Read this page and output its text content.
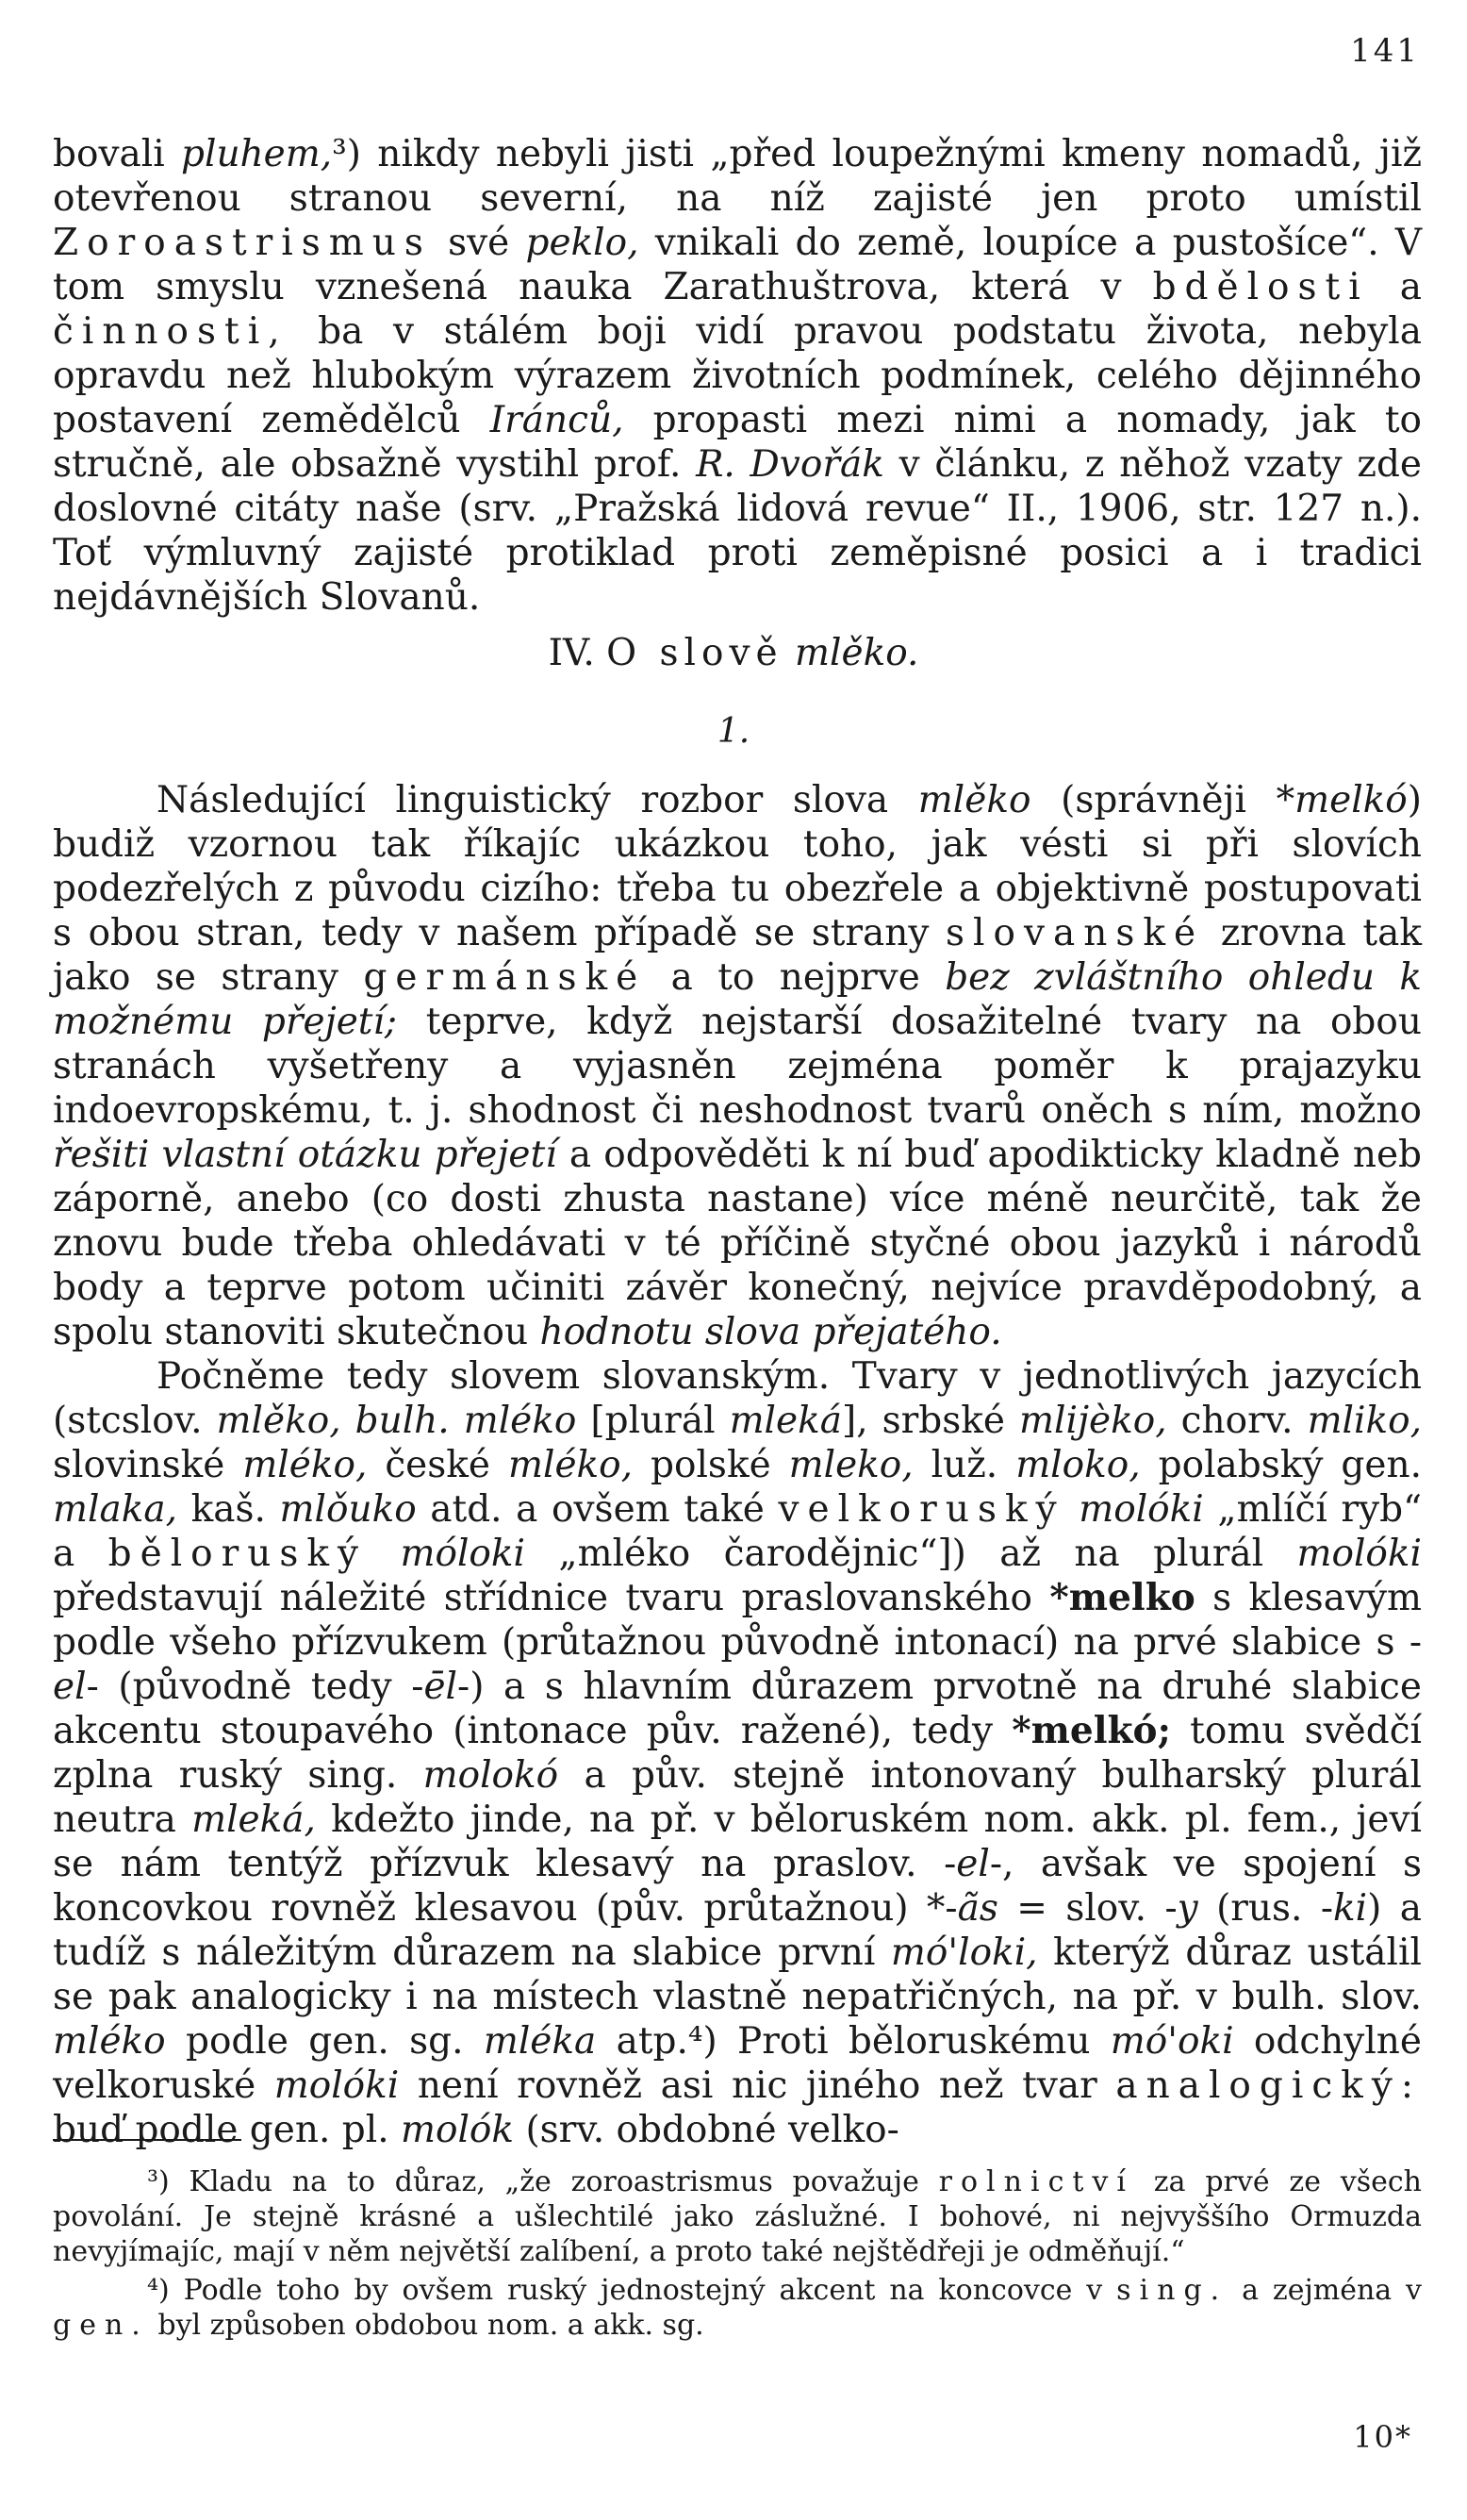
141

bovali pluhem,³) nikdy nebyli jisti „před loupežnými kmeny nomadů, již otevřenou stranou severní, na níž zajisté jen proto umístil Zoroastrismus své peklo, vnikali do země, loupíce a pustošíce“. V tom smyslu vznešená nauka Zarathuštrova, která v bdělosti a činnosti, ba v stálém boji vidí pravou podstatu života, nebyla opravdu než hlubokým výrazem životních podmínek, celého dějinného postavení zemědělců Iránců, propasti mezi nimi a nomady, jak to stručně, ale obsažně vystihl prof. R. Dvořák v článku, z něhož vzaty zde doslovné citáty naše (srv. „Pražská lidová revue“ II., 1906, str. 127 n.). Toť výmluvný zajisté protiklad proti zeměpisné posici a i tradici nejdávnějších Slovanů.

IV. O slově mlěko.
1.

Následující linguistický rozbor slova mlěko (správněji *melkó) budiž vzornou tak říkajíc ukázkou toho, jak vésti si při slovích podezřelých z původu cizího: třeba tu obezřele a objektivně postupovati s obou stran, tedy v našem případě se strany slovanské zrovna tak jako se strany germánské a to nejprve bez zvláštního ohledu k možnému přejetí; teprve, když nejstarší dosažitelné tvary na obou stranách vyšetřeny a vyjasněn zejména poměr k prajazyku indoevropskému, t. j. shodnost či neshodnost tvarů oněch s ním, možno řešiti vlastní otázku přejetí a odpověděti k ní buď apodikticky kladně neb záporně, anebo (co dosti zhusta nastane) více méně neurčitě, tak že znovu bude třeba ohledávati v té příčině styčné obou jazyků i národů body a teprve potom učiniti závěr konečný, nejvíce pravděpodobný, a spolu stanoviti skutečnou hodnotu slova přejatého.

Počněme tedy slovem slovanským. Tvary v jednotlivých jazycích (stcslov. mlěko, bulh. mléko [plurál mleká], srbské mlijèko, chorv. mliko, slovinské mléko, české mléko, polské mleko, luž. mloko, polabský gen. mlaka, kaš. mlǒuko atd. a ovšem také velkoruský molóki „mlíčí ryb“ a běloruský móloki „mléko čarodějnic“]) až na plurál molóki představují náležité střídnice tvaru praslovanského *melko s klesavým podle všeho přízvukem (průtažnou původně intonací) na prvé slabice s -el- (původně tedy -ēl-) a s hlavním důrazem prvotně na druhé slabice akcentu stoupavého (intonace pův. ražené), tedy *melkó; tomu svědčí zplna ruský sing. molokó a pův. stejně intonovaný bulharský plurál neutra mleká, kdežto jinde, na př. v běloruském nom. akk. pl. fem., jeví se nám tentýž přízvuk klesavý na praslov. -el-, avšak ve spojení s koncovkou rovněž klesavou (pův. průtažnou) *-ãs = slov. -y (rus. -ki) a tudíž s náležitým důrazem na slabice první mó'loki, kterýž důraz ustálil se pak analogicky i na místech vlastně nepatřičných, na př. v bulh. slov. mléko podle gen. sg. mléka atp.⁴) Proti běloruskému mó'oki odchylné velkoruské molóki není rovněž asi nic jiného než tvar analogický: buď podle gen. pl. molók (srv. obdobné velko-

³) Kladu na to důraz, „že zoroastrismus považuje rolnictví za prvé ze všech povolání. Je stejně krásné a ušlechtilé jako záslužné. I bohové, ni nejvyššího Ormuzda nevyjímajíc, mají v něm největší zalíbení, a proto také nejštědřeji je odměňují.“

⁴) Podle toho by ovšem ruský jednostejný akcent na koncovce v sing. a zejména v gen. byl způsoben obdobou nom. a akk. sg.

10*
